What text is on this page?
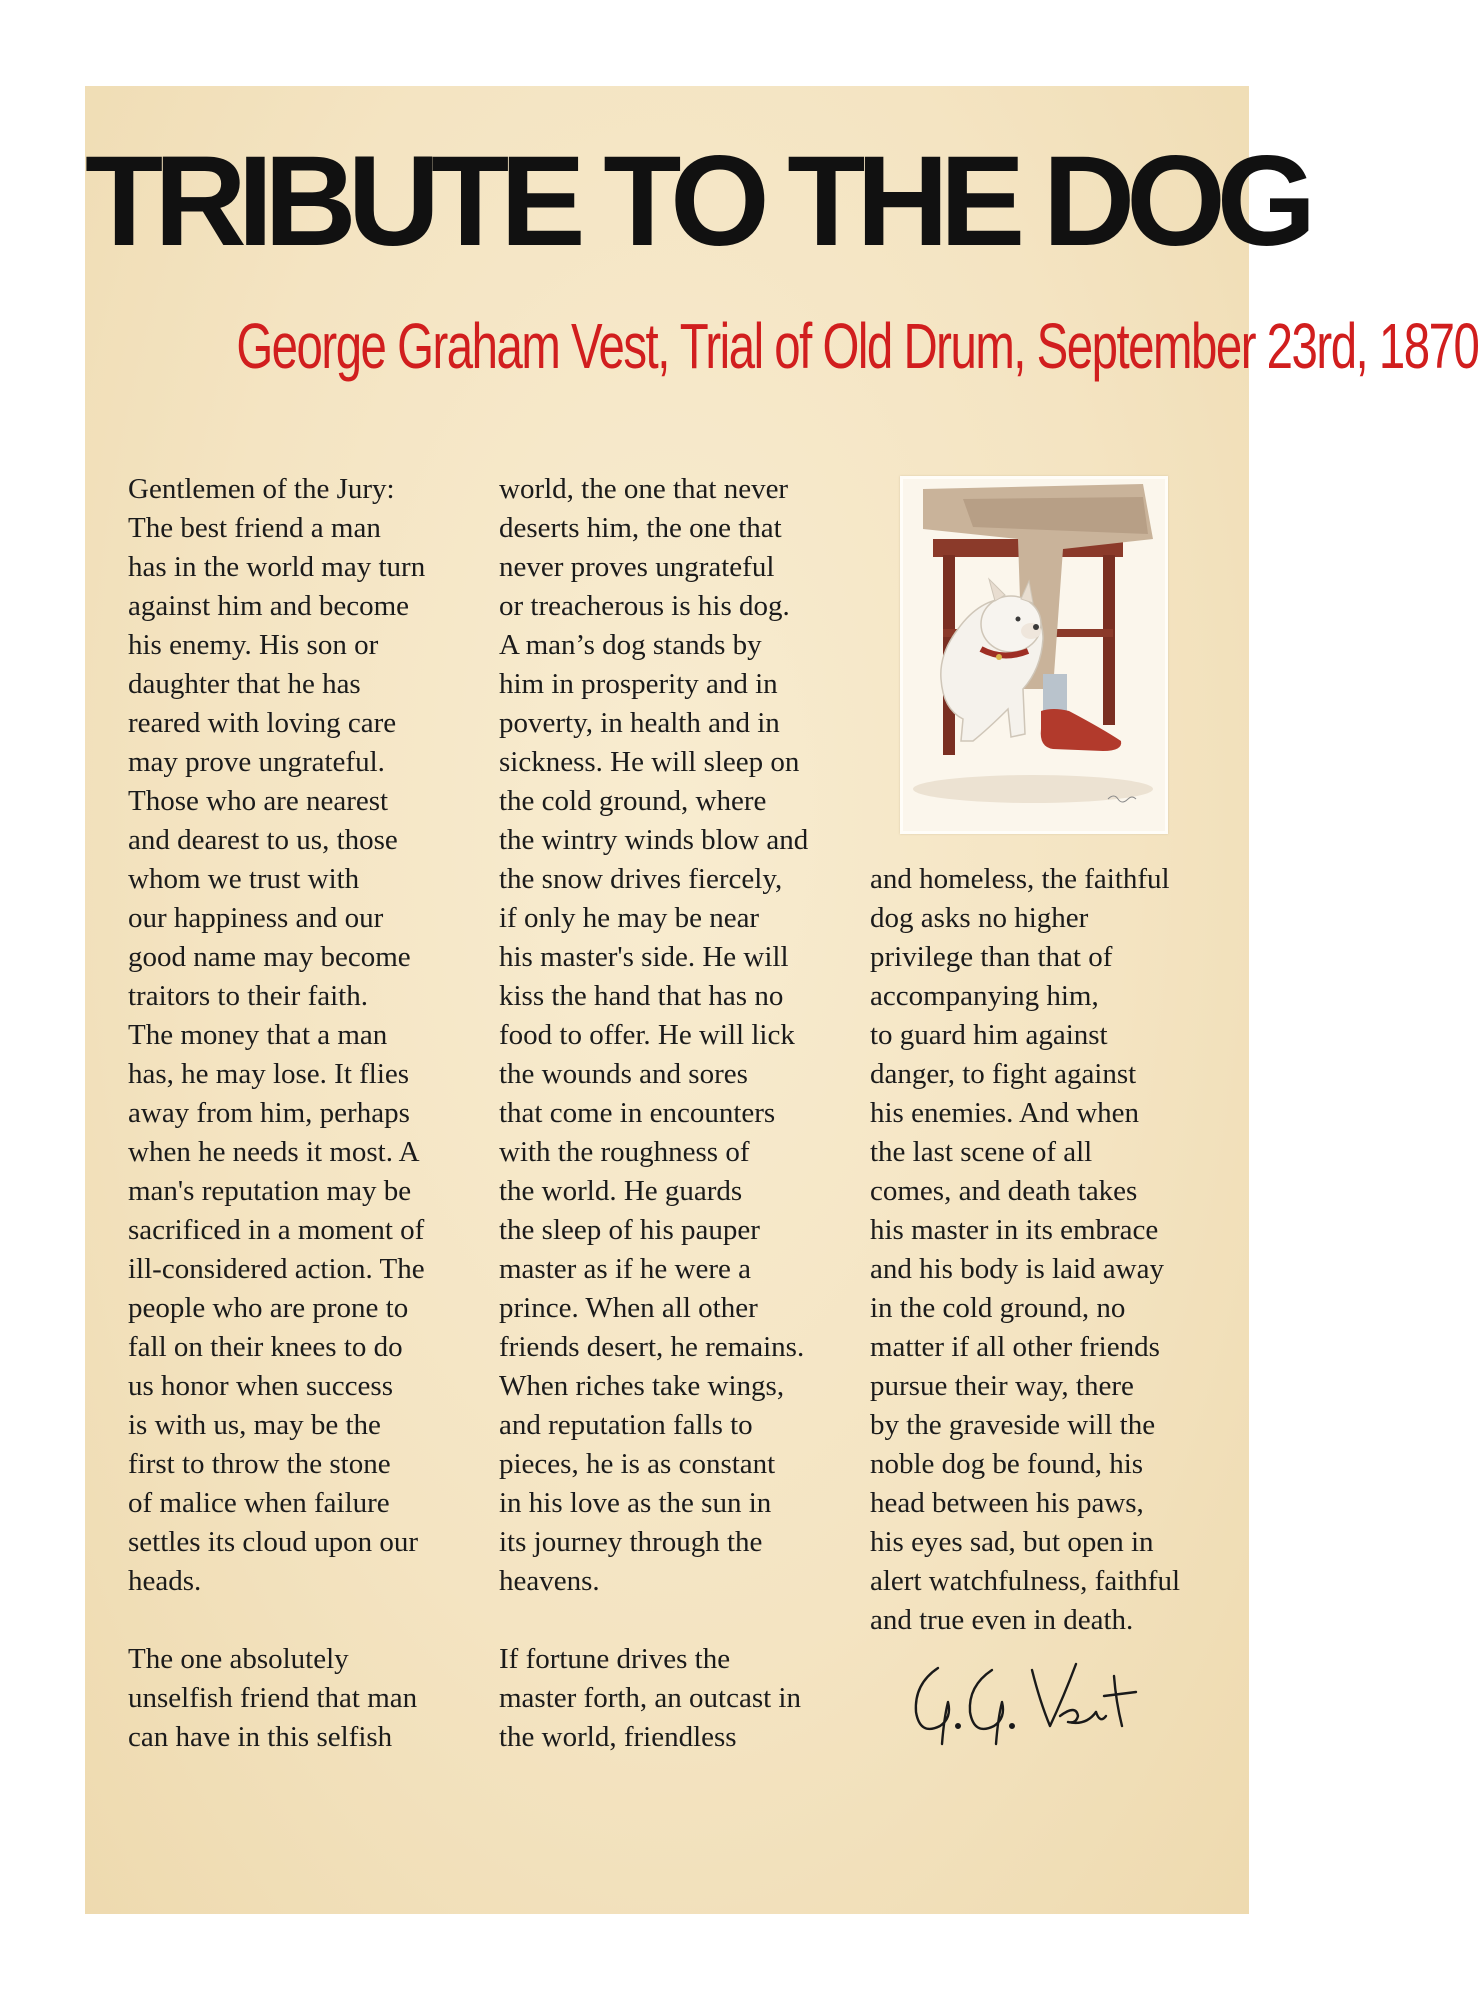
TRIBUTE TO THE DOG
George Graham Vest, Trial of Old Drum, September 23rd, 1870

Gentlemen of the Jury:

The best friend a man

has in the world may turn

against him and become

his enemy. His son or

daughter that he has

reared with loving care

may prove ungrateful.

Those who are nearest

and dearest to us, those

whom we trust with

our happiness and our

good name may become

traitors to their faith.

The money that a man

has, he may lose. It flies

away from him, perhaps

when he needs it most. A

man's reputation may be

sacrificed in a moment of

ill-considered action. The

people who are prone to

fall on their knees to do

us honor when success

is with us, may be the

first to throw the stone

of malice when failure

settles its cloud upon our

heads.

The one absolutely

unselfish friend that man

can have in this selfish

world, the one that never

deserts him, the one that

never proves ungrateful

or treacherous is his dog.

A man’s dog stands by

him in prosperity and in

poverty, in health and in

sickness. He will sleep on

the cold ground, where

the wintry winds blow and

the snow drives fiercely,

if only he may be near

his master's side. He will

kiss the hand that has no

food to offer. He will lick

the wounds and sores

that come in encounters

with the roughness of

the world. He guards

the sleep of his pauper

master as if he were a

prince. When all other

friends desert, he remains.

When riches take wings,

and reputation falls to

pieces, he is as constant

in his love as the sun in

its journey through the

heavens.

If fortune drives the

master forth, an outcast in

the world, friendless

and homeless, the faithful

dog asks no higher

privilege than that of

accompanying him,

to guard him against

danger, to fight against

his enemies. And when

the last scene of all

comes, and death takes

his master in its embrace

and his body is laid away

in the cold ground, no

matter if all other friends

pursue their way, there

by the graveside will the

noble dog be found, his

head between his paws,

his eyes sad, but open in

alert watchfulness, faithful

and true even in death.
